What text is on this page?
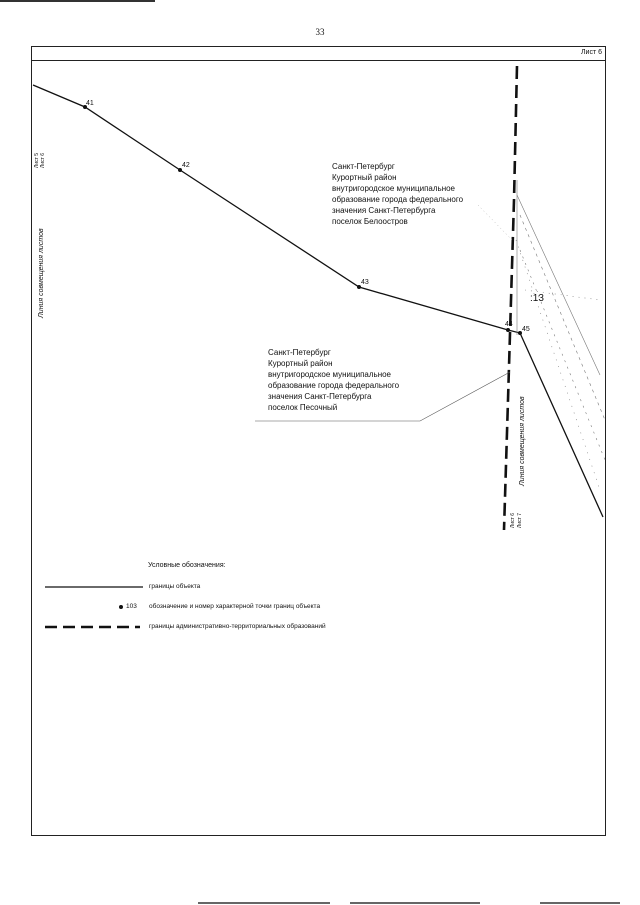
33
Лист 6
41
42
43
44
45
:13
Санкт-Петербург
Курортный район
внутригородское муниципальное
образование города федерального
значения Санкт-Петербурга
поселок Белоостров
Санкт-Петербург
Курортный район
внутригородское муниципальное
образование города федерального
значения Санкт-Петербурга
поселок Песочный
Лист 5 Лист 6
Линия совмещения листов
Линия совмещения листов
Лист 6 Лист 7
Условные обозначения:
границы объекта
103 обозначение и номер характерной точки границ объекта
границы административно-территориальных образований
